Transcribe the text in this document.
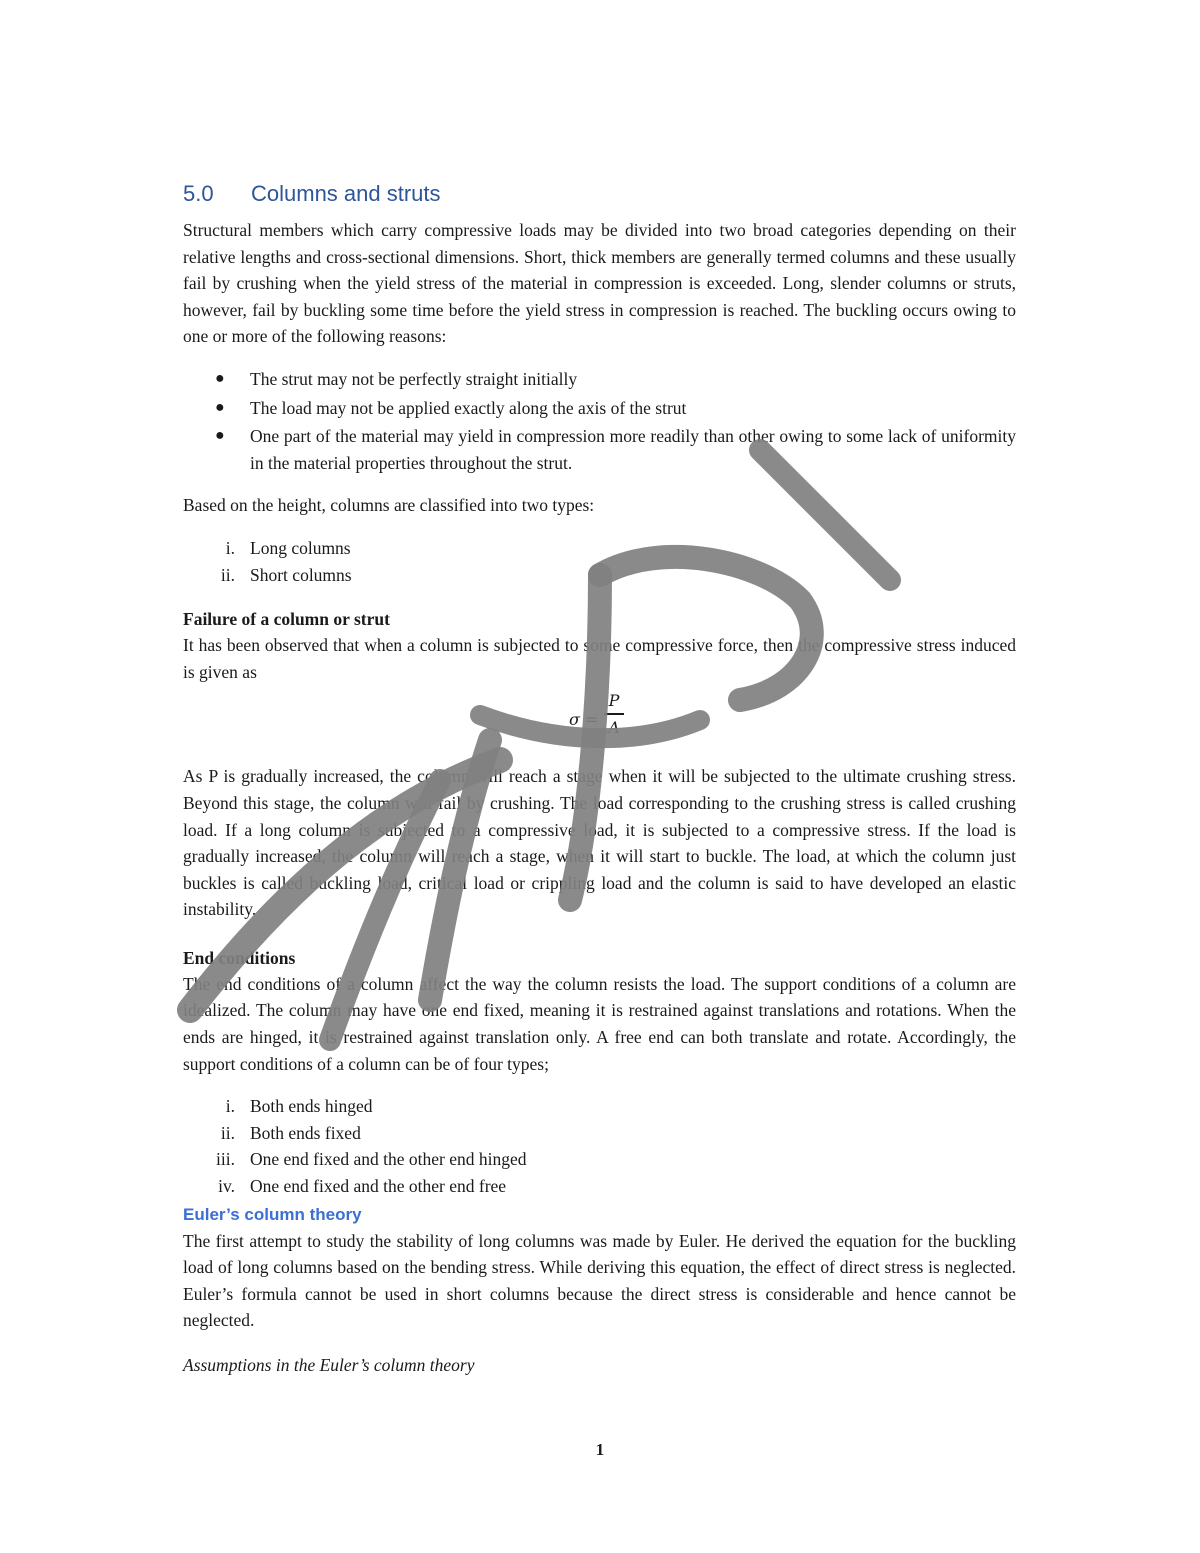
5.0 Columns and struts

Structural members which carry compressive loads may be divided into two broad categories depending on their relative lengths and cross-sectional dimensions. Short, thick members are generally termed columns and these usually fail by crushing when the yield stress of the material in compression is exceeded. Long, slender columns or struts, however, fail by buckling some time before the yield stress in compression is reached. The buckling occurs owing to one or more of the following reasons:

● The strut may not be perfectly straight initially
● The load may not be applied exactly along the axis of the strut
● One part of the material may yield in compression more readily than other owing to some lack of uniformity in the material properties throughout the strut.

Based on the height, columns are classified into two types:

i. Long columns
ii. Short columns
Failure of a column or strut

It has been observed that when a column is subjected to some compressive force, then the compressive stress induced is given as

σ =
P
A

As P is gradually increased, the column will reach a stage when it will be subjected to the ultimate crushing stress. Beyond this stage, the column will fail by crushing. The load corresponding to the crushing stress is called crushing load. If a long column is subjected to a compressive load, it is subjected to a compressive stress. If the load is gradually increased, the column will reach a stage, when it will start to buckle. The load, at which the column just buckles is called buckling load, critical load or crippling load and the column is said to have developed an elastic instability.

End conditions

The end conditions of a column affect the way the column resists the load. The support conditions of a column are idealized. The column may have one end fixed, meaning it is restrained against translations and rotations. When the ends are hinged, it is restrained against translation only. A free end can both translate and rotate. Accordingly, the support conditions of a column can be of four types;

i. Both ends hinged
ii. Both ends fixed
iii. One end fixed and the other end hinged
iv. One end fixed and the other end free
Euler’s column theory

The first attempt to study the stability of long columns was made by Euler. He derived the equation for the buckling load of long columns based on the bending stress. While deriving this equation, the effect of direct stress is neglected. Euler’s formula cannot be used in short columns because the direct stress is considerable and hence cannot be neglected.

Assumptions in the Euler’s column theory

1
